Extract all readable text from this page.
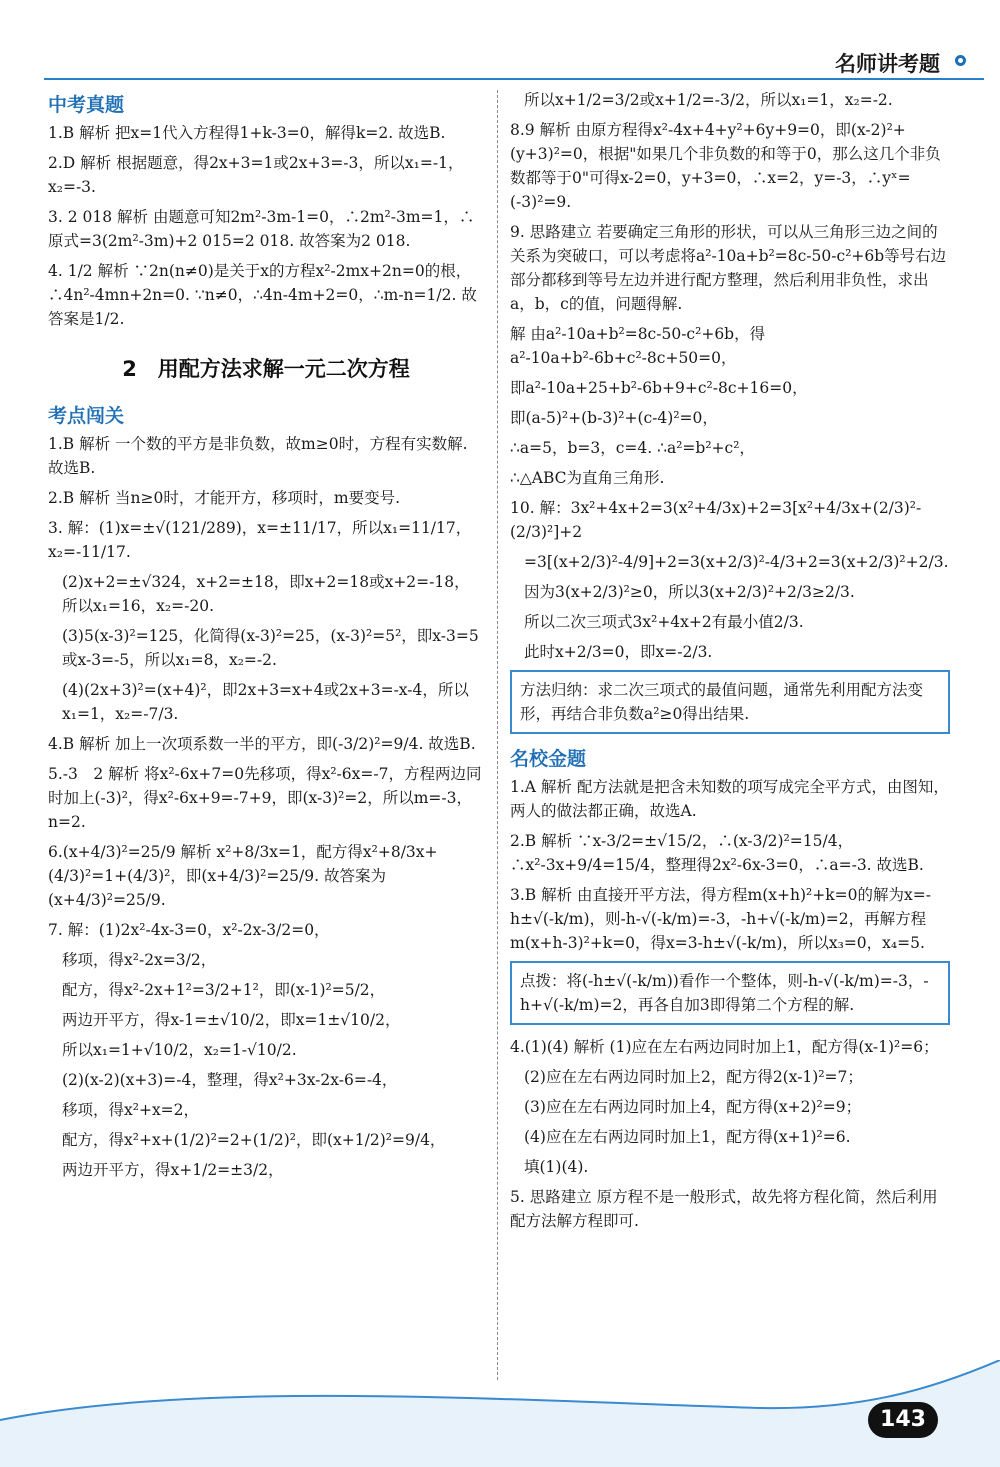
名师讲考题
中考真题
1.B 解析 把x=1代入方程得1+k-3=0，解得k=2. 故选B.
2.D 解析 根据题意，得2x+3=1或2x+3=-3，所以x₁=-1，x₂=-3.
3. 2 018 解析 由题意可知2m²-3m-1=0，∴2m²-3m=1，∴原式=3(2m²-3m)+2 015=2 018. 故答案为2 018.
4. 1/2 解析 ∵2n(n≠0)是关于x的方程x²-2mx+2n=0的根，∴4n²-4mn+2n=0. ∵n≠0，∴4n-4m+2=0，∴m-n=1/2. 故答案是1/2.
2　用配方法求解一元二次方程
考点闯关
1.B 解析 一个数的平方是非负数，故m≥0时，方程有实数解. 故选B.
2.B 解析 当n≥0时，才能开方，移项时，m要变号.
3. 解：(1)x=±√(121/289)，x=±11/17，所以x₁=11/17，x₂=-11/17.
(2)x+2=±√324，x+2=±18，即x+2=18或x+2=-18，所以x₁=16，x₂=-20.
(3)5(x-3)²=125，化简得(x-3)²=25，(x-3)²=5²，即x-3=5或x-3=-5，所以x₁=8，x₂=-2.
(4)(2x+3)²=(x+4)²，即2x+3=x+4或2x+3=-x-4，所以x₁=1，x₂=-7/3.
4.B 解析 加上一次项系数一半的平方，即(-3/2)²=9/4. 故选B.
5.-3　2 解析 将x²-6x+7=0先移项，得x²-6x=-7，方程两边同时加上(-3)²，得x²-6x+9=-7+9，即(x-3)²=2，所以m=-3，n=2.
6.(x+4/3)²=25/9 解析 x²+8/3x=1，配方得x²+8/3x+(4/3)²=1+(4/3)²，即(x+4/3)²=25/9. 故答案为(x+4/3)²=25/9.
7. 解：(1)2x²-4x-3=0，x²-2x-3/2=0，
移项，得x²-2x=3/2，
配方，得x²-2x+1²=3/2+1²，即(x-1)²=5/2，
两边开平方，得x-1=±√10/2，即x=1±√10/2，
所以x₁=1+√10/2，x₂=1-√10/2.
(2)(x-2)(x+3)=-4，整理，得x²+3x-2x-6=-4，
移项，得x²+x=2，
配方，得x²+x+(1/2)²=2+(1/2)²，即(x+1/2)²=9/4，
两边开平方，得x+1/2=±3/2，
所以x+1/2=3/2或x+1/2=-3/2，所以x₁=1，x₂=-2.
8.9 解析 由原方程得x²-4x+4+y²+6y+9=0，即(x-2)²+(y+3)²=0，根据"如果几个非负数的和等于0，那么这几个非负数都等于0"可得x-2=0，y+3=0，∴x=2，y=-3，∴yˣ=(-3)²=9.
9. 思路建立 若要确定三角形的形状，可以从三角形三边之间的关系为突破口，可以考虑将a²-10a+b²=8c-50-c²+6b等号右边部分都移到等号左边并进行配方整理，然后利用非负性，求出a，b，c的值，问题得解.
解 由a²-10a+b²=8c-50-c²+6b，得a²-10a+b²-6b+c²-8c+50=0，
即a²-10a+25+b²-6b+9+c²-8c+16=0，
即(a-5)²+(b-3)²+(c-4)²=0，
∴a=5，b=3，c=4. ∴a²=b²+c²，
∴△ABC为直角三角形.
10. 解：3x²+4x+2=3(x²+4/3x)+2=3[x²+4/3x+(2/3)²-(2/3)²]+2
=3[(x+2/3)²-4/9]+2=3(x+2/3)²-4/3+2=3(x+2/3)²+2/3.
因为3(x+2/3)²≥0，所以3(x+2/3)²+2/3≥2/3.
所以二次三项式3x²+4x+2有最小值2/3.
此时x+2/3=0，即x=-2/3.
方法归纳：求二次三项式的最值问题，通常先利用配方法变形，再结合非负数a²≥0得出结果.
名校金题
1.A 解析 配方法就是把含未知数的项写成完全平方式，由图知，两人的做法都正确，故选A.
2.B 解析 ∵x-3/2=±√15/2，∴(x-3/2)²=15/4，∴x²-3x+9/4=15/4，整理得2x²-6x-3=0，∴a=-3. 故选B.
3.B 解析 由直接开平方法，得方程m(x+h)²+k=0的解为x=-h±√(-k/m)，则-h-√(-k/m)=-3，-h+√(-k/m)=2，再解方程m(x+h-3)²+k=0，得x=3-h±√(-k/m)，所以x₃=0，x₄=5.
点拨：将(-h±√(-k/m))看作一个整体，则-h-√(-k/m)=-3，-h+√(-k/m)=2，再各自加3即得第二个方程的解.
4.(1)(4) 解析 (1)应在左右两边同时加上1，配方得(x-1)²=6；
(2)应在左右两边同时加上2，配方得2(x-1)²=7；
(3)应在左右两边同时加上4，配方得(x+2)²=9；
(4)应在左右两边同时加上1，配方得(x+1)²=6.
填(1)(4).
5. 思路建立 原方程不是一般形式，故先将方程化简，然后利用配方法解方程即可.
143
